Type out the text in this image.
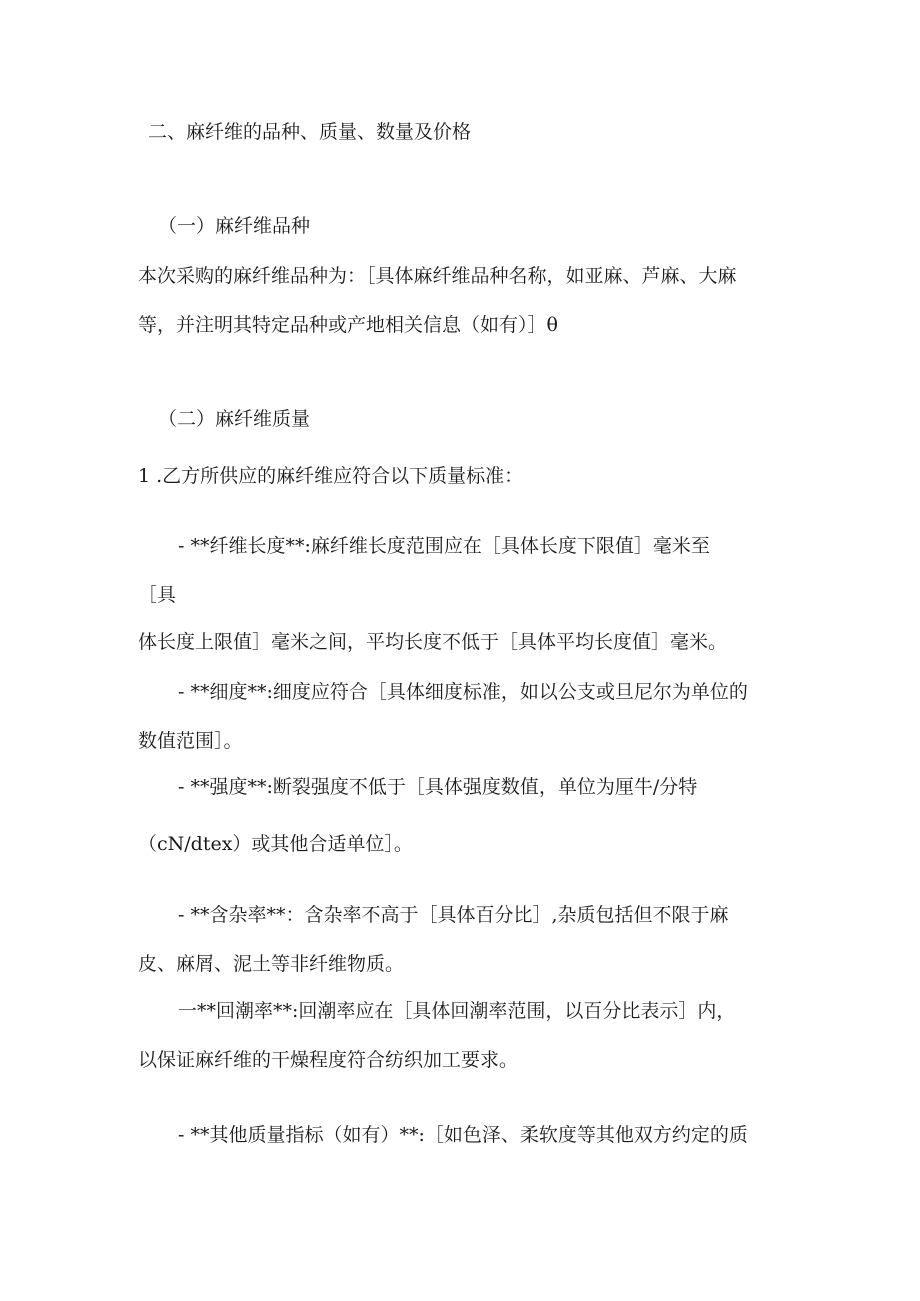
二、麻纤维的品种、质量、数量及价格

（一）麻纤维品种

本次采购的麻纤维品种为：［具体麻纤维品种名称，如亚麻、芦麻、大麻

等，并注明其特定品种或产地相关信息（如有）］θ

（二）麻纤维质量

1 .乙方所供应的麻纤维应符合以下质量标准：

- **纤维长度**:麻纤维长度范围应在［具体长度下限值］毫米至

［具

体长度上限值］毫米之间，平均长度不低于［具体平均长度值］毫米。

- **细度**:细度应符合［具体细度标准，如以公支或旦尼尔为单位的

数值范围］。

- **强度**:断裂强度不低于［具体强度数值，单位为厘牛/分特

（cN/dtex）或其他合适单位］。

- **含杂率**：含杂率不高于［具体百分比］,杂质包括但不限于麻

皮、麻屑、泥土等非纤维物质。

一**回潮率**:回潮率应在［具体回潮率范围，以百分比表示］内，

以保证麻纤维的干燥程度符合纺织加工要求。

- **其他质量指标（如有）**:［如色泽、柔软度等其他双方约定的质
